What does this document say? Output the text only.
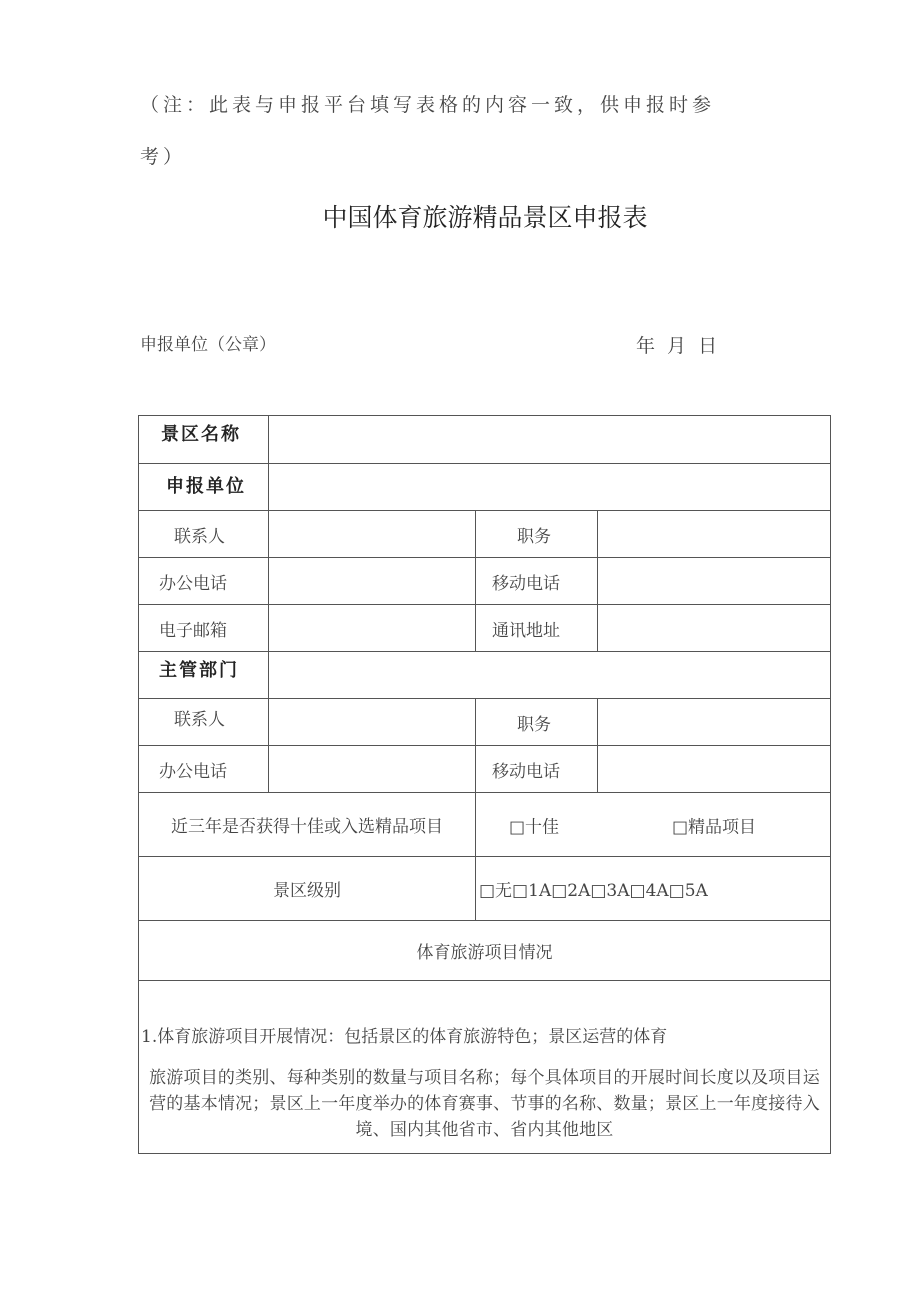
（注：此表与申报平台填写表格的内容一致，供申报时参
考）
中国体育旅游精品景区申报表
申报单位（公章）	年 月 日
景区名称			
申报单位			
联系人		职务	
办公电话		移动电话	
电子邮箱		通讯地址	
主管部门			
联系人		职务	
办公电话		移动电话	
近三年是否获得十佳或入选精品项目		□十佳 □精品项目	

景区级别		□无□1A□2A□3A□4A□5A	
体育旅游项目情况			

1.体育旅游项目开展情况：包括景区的体育旅游特色；景区运营的体育
旅游项目的类别、每种类别的数量与项目名称；每个具体项目的开展时间长度以及项目运营的基本情况；景区上一年度举办的体育赛事、节事的名称、数量；景区上一年度接待入境、国内其他省市、省内其他地区			
